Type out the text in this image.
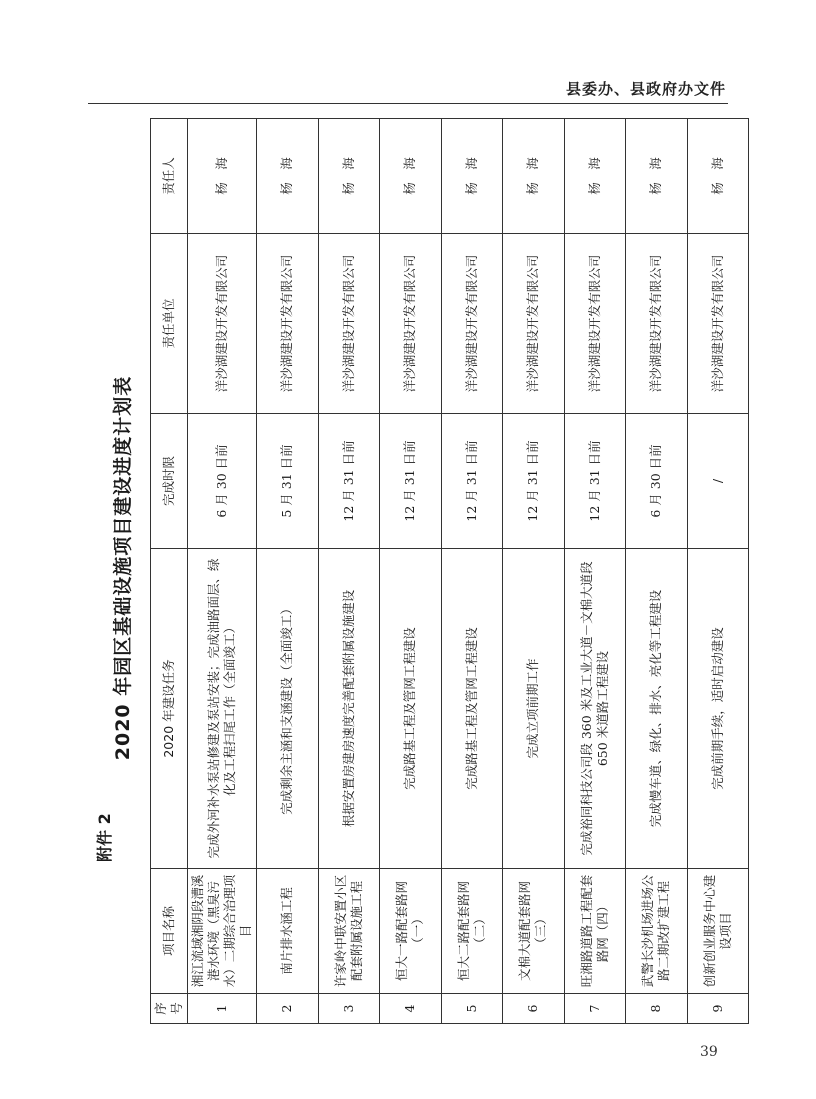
县委办、县政府办文件
附件 2
2020 年园区基础设施项目建设进度计划表
序号	项目名称	2020 年建设任务	完成时限	责任单位	责任人
1	湘江流域湘阴段漕溪港水环境（黑臭污水）二期综合治理项目	完成外河补水泵站修建及泵站安装；完成油路面层、绿化及工程扫尾工作（全面竣工）	6 月 30 日前	洋沙湖建设开发有限公司	杨　海
2	南片排水涵工程	完成剩余主涵和支涵建设（全面竣工）	5 月 31 日前	洋沙湖建设开发有限公司	杨　海
3	许家岭中联安置小区配套附属设施工程	根据安置房建房速度完善配套附属设施建设	12 月 31 日前	洋沙湖建设开发有限公司	杨　海
4	恒大一路配套路网（一）	完成路基工程及管网工程建设	12 月 31 日前	洋沙湖建设开发有限公司	杨　海
5	恒大二路配套路网（二）	完成路基工程及管网工程建设	12 月 31 日前	洋沙湖建设开发有限公司	杨　海
6	文棉大道配套路网（三）	完成立项前期工作	12 月 31 日前	洋沙湖建设开发有限公司	杨　海
7	旺湘路道路工程配套路网（四）	完成裕同科技公司段 360 米及工业大道－文棉大道段 650 米道路工程建设	12 月 31 日前	洋沙湖建设开发有限公司	杨　海
8	武警长沙机场进场公路二期改扩建工程	完成慢车道、绿化、排水、亮化等工程建设	6 月 30 日前	洋沙湖建设开发有限公司	杨　海
9	创新创业服务中心建设项目	完成前期手续，适时启动建设	/	洋沙湖建设开发有限公司	杨　海
39
